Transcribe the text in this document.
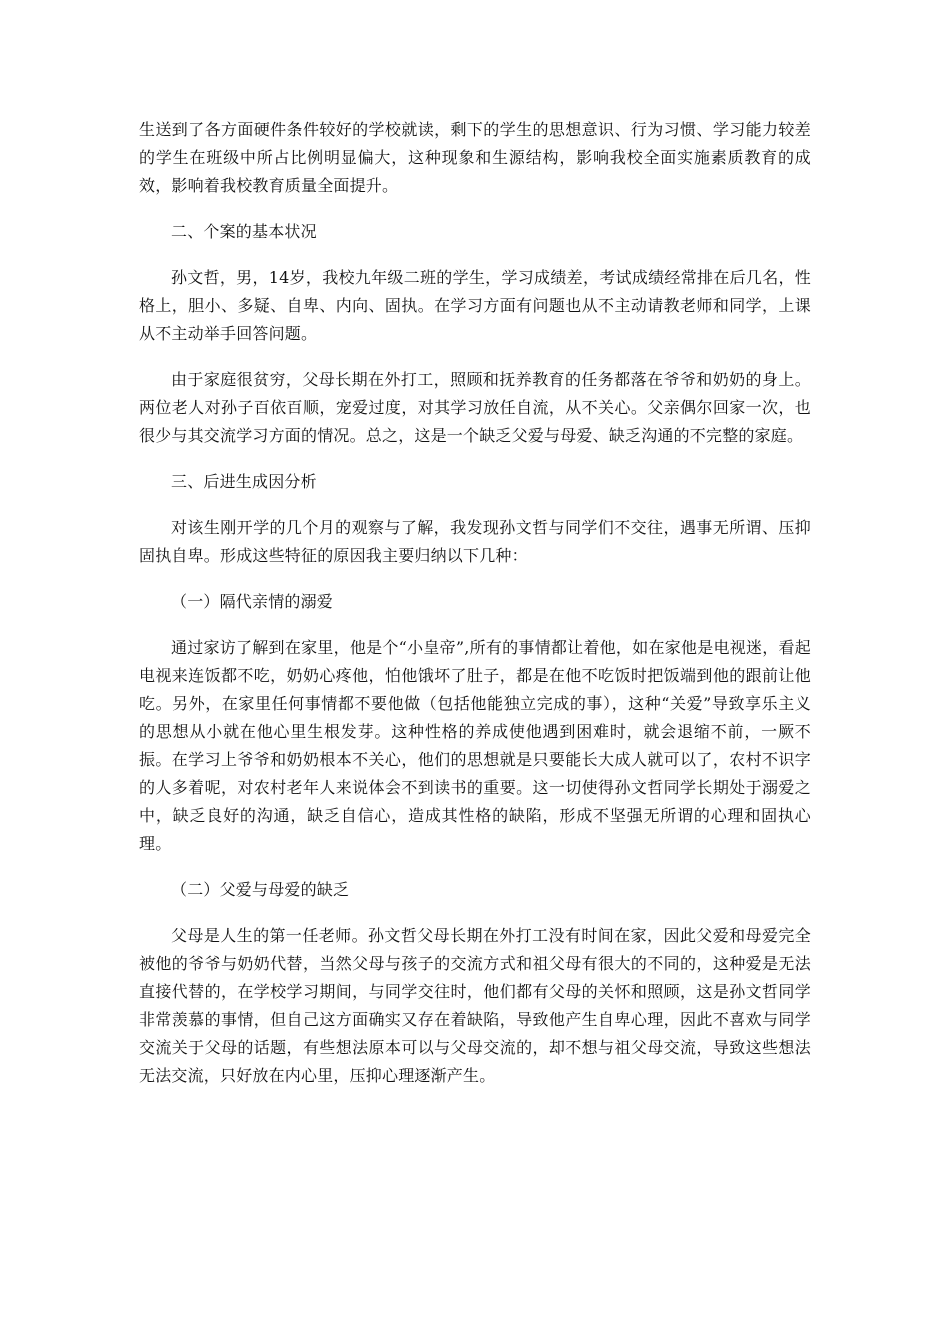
生送到了各方面硬件条件较好的学校就读，剩下的学生的思想意识、行为习惯、学习能力较差的学生在班级中所占比例明显偏大，这种现象和生源结构，影响我校全面实施素质教育的成效，影响着我校教育质量全面提升。

二、个案的基本状况

孙文哲，男，14岁，我校九年级二班的学生，学习成绩差，考试成绩经常排在后几名，性格上，胆小、多疑、自卑、内向、固执。在学习方面有问题也从不主动请教老师和同学，上课从不主动举手回答问题。

由于家庭很贫穷，父母长期在外打工，照顾和抚养教育的任务都落在爷爷和奶奶的身上。两位老人对孙子百依百顺，宠爱过度，对其学习放任自流，从不关心。父亲偶尔回家一次，也很少与其交流学习方面的情况。总之，这是一个缺乏父爱与母爱、缺乏沟通的不完整的家庭。

三、后进生成因分析

对该生刚开学的几个月的观察与了解，我发现孙文哲与同学们不交往，遇事无所谓、压抑固执自卑。形成这些特征的原因我主要归纳以下几种：

（一）隔代亲情的溺爱

通过家访了解到在家里，他是个“小皇帝”,所有的事情都让着他，如在家他是电视迷，看起电视来连饭都不吃，奶奶心疼他，怕他饿坏了肚子，都是在他不吃饭时把饭端到他的跟前让他吃。另外，在家里任何事情都不要他做（包括他能独立完成的事），这种“关爱”导致享乐主义的思想从小就在他心里生根发芽。这种性格的养成使他遇到困难时，就会退缩不前，一厥不振。在学习上爷爷和奶奶根本不关心，他们的思想就是只要能长大成人就可以了，农村不识字的人多着呢，对农村老年人来说体会不到读书的重要。这一切使得孙文哲同学长期处于溺爱之中，缺乏良好的沟通，缺乏自信心，造成其性格的缺陷，形成不坚强无所谓的心理和固执心理。

（二）父爱与母爱的缺乏

父母是人生的第一任老师。孙文哲父母长期在外打工没有时间在家，因此父爱和母爱完全被他的爷爷与奶奶代替，当然父母与孩子的交流方式和祖父母有很大的不同的，这种爱是无法直接代替的，在学校学习期间，与同学交往时，他们都有父母的关怀和照顾，这是孙文哲同学非常羡慕的事情，但自己这方面确实又存在着缺陷，导致他产生自卑心理，因此不喜欢与同学交流关于父母的话题，有些想法原本可以与父母交流的，却不想与祖父母交流，导致这些想法无法交流，只好放在内心里，压抑心理逐渐产生。
